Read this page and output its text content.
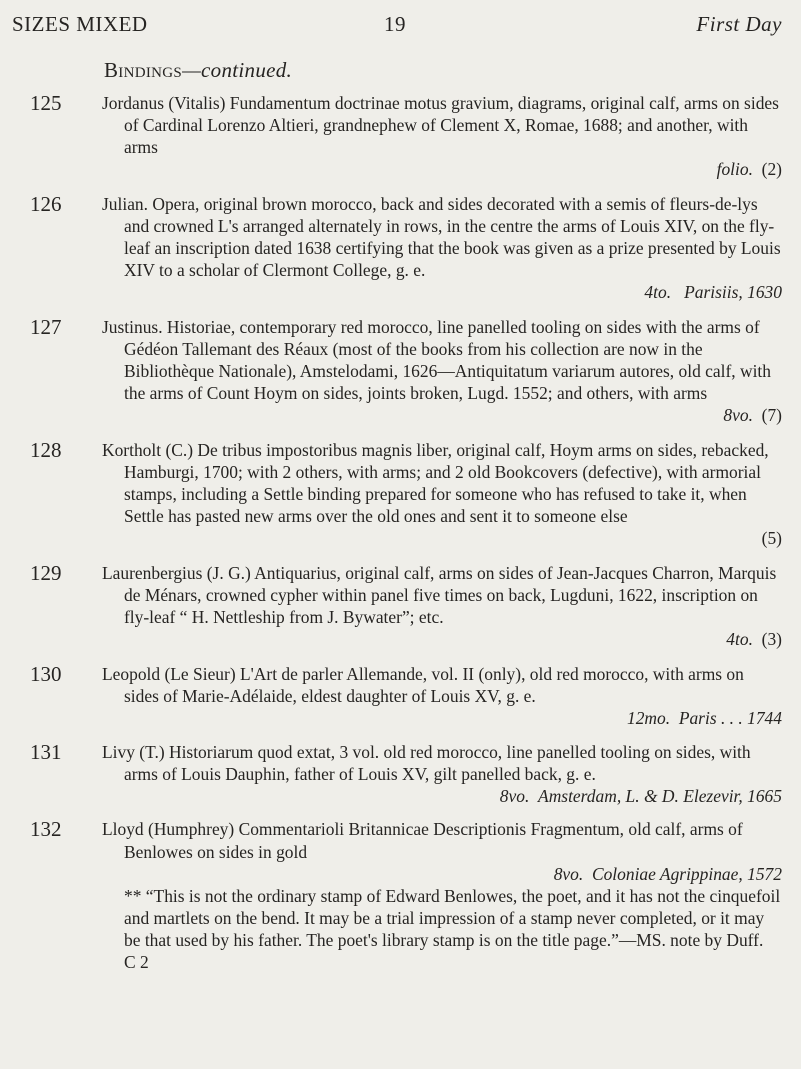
SIZES MIXED	19	First Day
Bindings—continued.
125	Jordanus (Vitalis) Fundamentum doctrinae motus gravium, diagrams, original calf, arms on sides of Cardinal Lorenzo Altieri, grandnephew of Clement X, Romae, 1688; and another, with arms
folio. (2)
126	Julian. Opera, original brown morocco, back and sides decorated with a semis of fleurs-de-lys and crowned L's arranged alternately in rows, in the centre the arms of Louis XIV, on the fly-leaf an inscription dated 1638 certifying that the book was given as a prize presented by Louis XIV to a scholar of Clermont College, g. e.
4to. Parisiis, 1630
127	Justinus. Historiae, contemporary red morocco, line panelled tooling on sides with the arms of Gédéon Tallemant des Réaux (most of the books from his collection are now in the Bibliothèque Nationale), Amstelodami, 1626—Antiquitatum variarum autores, old calf, with the arms of Count Hoym on sides, joints broken, Lugd. 1552; and others, with arms
8vo. (7)
128	Kortholt (C.) De tribus impostoribus magnis liber, original calf, Hoym arms on sides, rebacked, Hamburgi, 1700; with 2 others, with arms; and 2 old Bookcovers (defective), with armorial stamps, including a Settle binding prepared for someone who has refused to take it, when Settle has pasted new arms over the old ones and sent it to someone else
(5)
129	Laurenbergius (J. G.) Antiquarius, original calf, arms on sides of Jean-Jacques Charron, Marquis de Ménars, crowned cypher within panel five times on back, Lugduni, 1622, inscription on fly-leaf “ H. Nettleship from J. Bywater”; etc.
4to. (3)
130	Leopold (Le Sieur) L'Art de parler Allemande, vol. II (only), old red morocco, with arms on sides of Marie-Adélaide, eldest daughter of Louis XV, g. e.
12mo. Paris . . . 1744
131	Livy (T.) Historiarum quod extat, 3 vol. old red morocco, line panelled tooling on sides, with arms of Louis Dauphin, father of Louis XV, gilt panelled back, g. e.
8vo. Amsterdam, L. & D. Elezevir, 1665
132	Lloyd (Humphrey) Commentarioli Britannicae Descriptionis Fragmentum, old calf, arms of Benlowes on sides in gold
8vo. Coloniae Agrippinae, 1572
** “This is not the ordinary stamp of Edward Benlowes, the poet, and it has not the cinquefoil and martlets on the bend. It may be a trial impression of a stamp never completed, or it may be that used by his father. The poet's library stamp is on the title page.”—MS. note by Duff.
C 2
